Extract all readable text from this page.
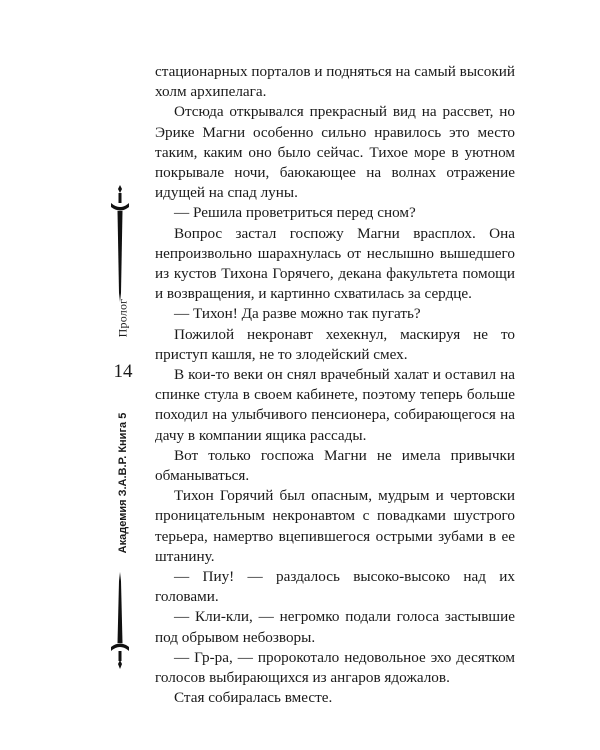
Пролог
14
Академия З.А.В.Р. Книга 5

стационарных порталов и подняться на самый высокий холм архипелага.

Отсюда открывался прекрасный вид на рассвет, но Эрике Магни особенно сильно нравилось это место таким, каким оно было сейчас. Тихое море в уютном покрывале ночи, баюкающее на волнах отражение идущей на спад луны.

— Решила проветриться перед сном?

Вопрос застал госпожу Магни врасплох. Она непроизвольно шарахнулась от неслышно вышедшего из кустов Тихона Горячего, декана факультета помощи и возвращения, и картинно схватилась за сердце.

— Тихон! Да разве можно так пугать?

Пожилой некронавт хехекнул, маскируя не то приступ кашля, не то злодейский смех.

В кои-то веки он снял врачебный халат и оставил на спинке стула в своем кабинете, поэтому теперь больше походил на улыбчивого пенсионера, собирающегося на дачу в компании ящика рассады.

Вот только госпожа Магни не имела привычки обманываться.

Тихон Горячий был опасным, мудрым и чертовски проницательным некронавтом с повадками шустрого терьера, намертво вцепившегося острыми зубами в ее штанину.

— Пиу! — раздалось высоко-высоко над их головами.

— Кли-кли, — негромко подали голоса застывшие под обрывом небозворы.

— Гр-ра, — пророкотало недовольное эхо десятком голосов выбирающихся из ангаров ядожалов.

Стая собиралась вместе.
